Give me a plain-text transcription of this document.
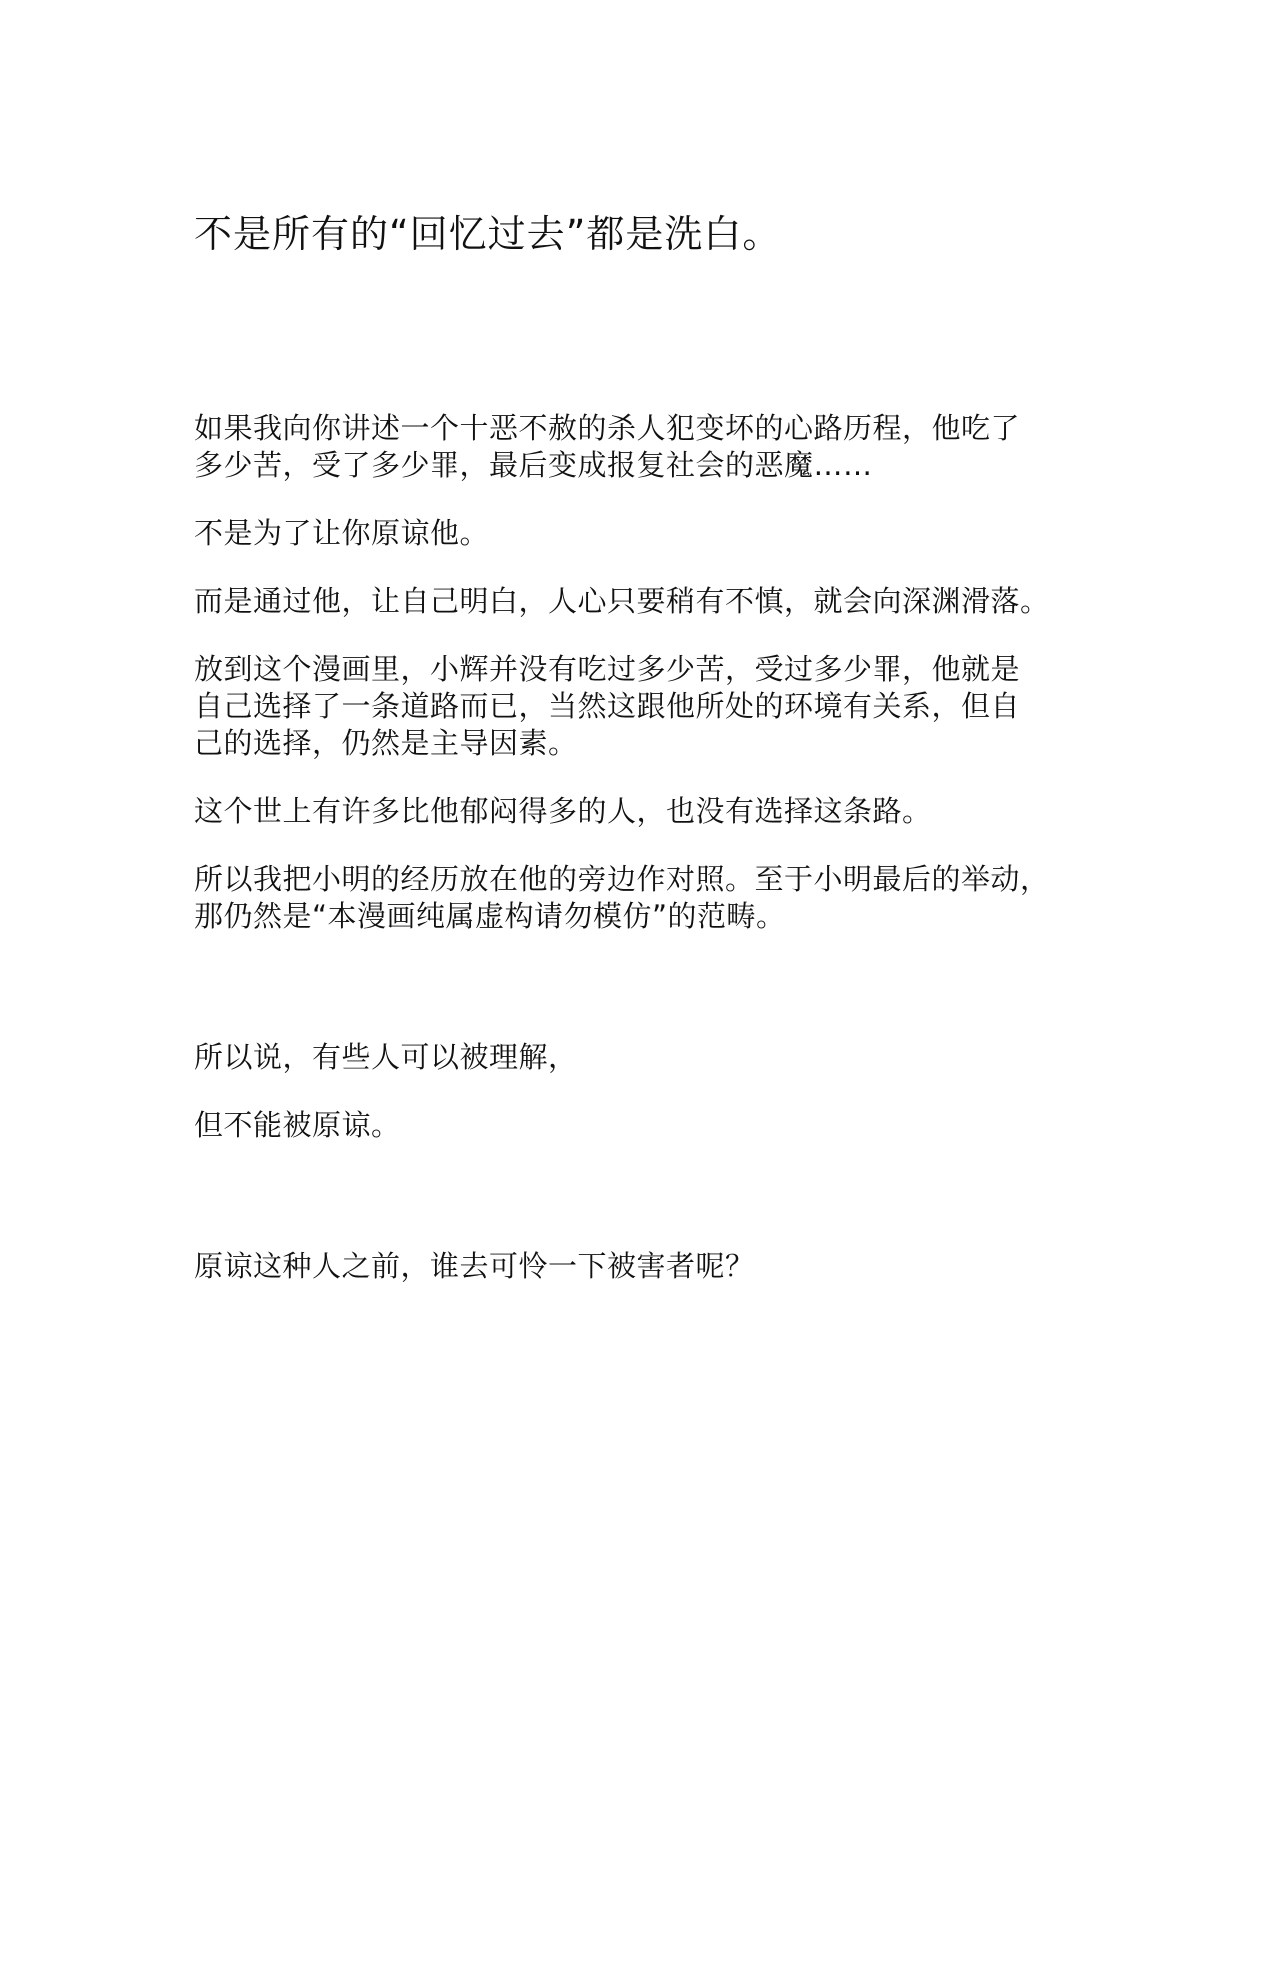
不是所有的“回忆过去”都是洗白。

如果我向你讲述一个十恶不赦的杀人犯变坏的心路历程，他吃了
多少苦，受了多少罪，最后变成报复社会的恶魔……

不是为了让你原谅他。

而是通过他，让自己明白，人心只要稍有不慎，就会向深渊滑落。

放到这个漫画里，小辉并没有吃过多少苦，受过多少罪，他就是
自己选择了一条道路而已，当然这跟他所处的环境有关系，但自
己的选择，仍然是主导因素。

这个世上有许多比他郁闷得多的人，也没有选择这条路。

所以我把小明的经历放在他的旁边作对照。至于小明最后的举动，
那仍然是“本漫画纯属虚构请勿模仿”的范畴。

所以说，有些人可以被理解，

但不能被原谅。

原谅这种人之前，谁去可怜一下被害者呢？
